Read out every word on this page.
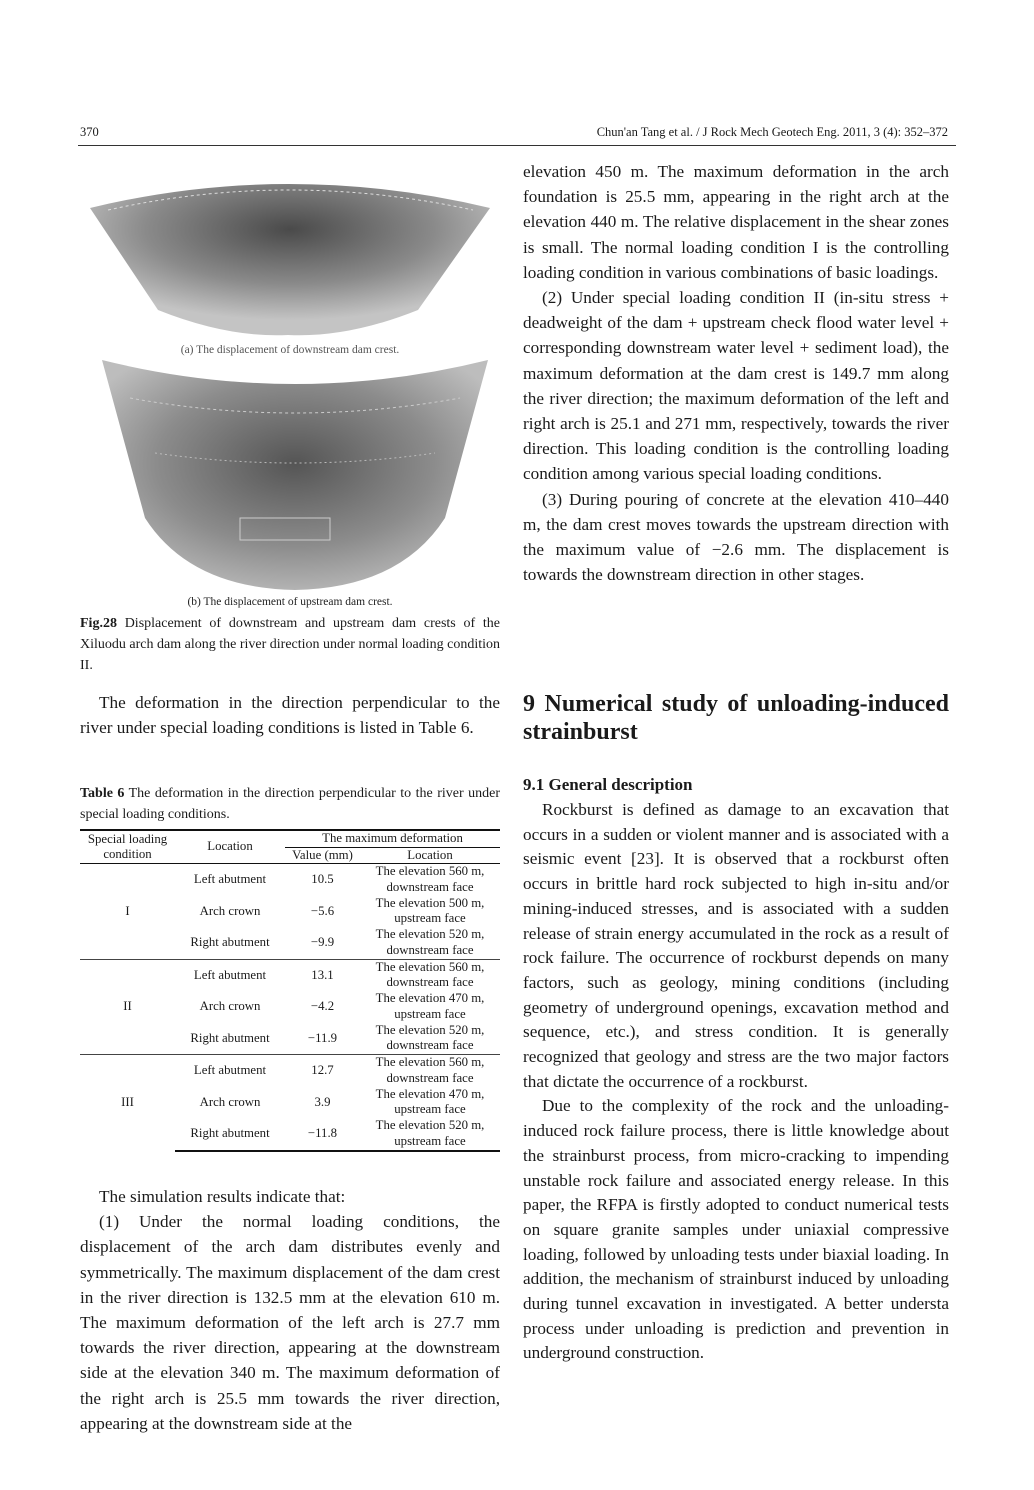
370	Chun'an Tang et al. / J Rock Mech Geotech Eng. 2011, 3 (4): 352–372
(a) The displacement of downstream dam crest.
(b) The displacement of upstream dam crest.
Fig.28 Displacement of downstream and upstream dam crests of the Xiluodu arch dam along the river direction under normal loading condition II.

The deformation in the direction perpendicular to the river under special loading conditions is listed in Table 6.

Table 6 The deformation in the direction perpendicular to the river under special loading conditions.
Special loading condition	Location	The maximum deformation	
		Value (mm)	Location
I	Left abutment	10.5	The elevation 560 m, downstream face
	Arch crown	−5.6	The elevation 500 m, upstream face
	Right abutment	−9.9	The elevation 520 m, downstream face
II	Left abutment	13.1	The elevation 560 m, downstream face
	Arch crown	−4.2	The elevation 470 m, upstream face
	Right abutment	−11.9	The elevation 520 m, downstream face
III	Left abutment	12.7	The elevation 560 m, downstream face
	Arch crown	3.9	The elevation 470 m, upstream face
	Right abutment	−11.8	The elevation 520 m, upstream face

The simulation results indicate that:

(1) Under the normal loading conditions, the displacement of the arch dam distributes evenly and symmetrically. The maximum displacement of the dam crest in the river direction is 132.5 mm at the elevation 610 m. The maximum deformation of the left arch is 27.7 mm towards the river direction, appearing at the downstream side at the elevation 340 m. The maximum deformation of the right arch is 25.5 mm towards the river direction, appearing at the downstream side at the

elevation 450 m. The maximum deformation in the arch foundation is 25.5 mm, appearing in the right arch at the elevation 440 m. The relative displacement in the shear zones is small. The normal loading condition I is the controlling loading condition in various combinations of basic loadings.

(2) Under special loading condition II (in-situ stress + deadweight of the dam + upstream check flood water level + corresponding downstream water level + sediment load), the maximum deformation at the dam crest is 149.7 mm along the river direction; the maximum deformation of the left and right arch is 25.1 and 271 mm, respectively, towards the river direction. This loading condition is the controlling loading condition among various special loading conditions.

(3) During pouring of concrete at the elevation 410–440 m, the dam crest moves towards the upstream direction with the maximum value of −2.6 mm. The displacement is towards the downstream direction in other stages.

9 Numerical study of unloading-induced strainburst
9.1 General description

Rockburst is defined as damage to an excavation that occurs in a sudden or violent manner and is associated with a seismic event [23]. It is observed that a rockburst often occurs in brittle hard rock subjected to high in-situ and/or mining-induced stresses, and is associated with a sudden release of strain energy accumulated in the rock as a result of rock failure. The occurrence of rockburst depends on many factors, such as geology, mining conditions (including geometry of underground openings, excavation method and sequence, etc.), and stress condition. It is generally recognized that geology and stress are the two major factors that dictate the occurrence of a rockburst.

Due to the complexity of the rock and the unloading-induced rock failure process, there is little knowledge about the strainburst process, from micro-cracking to impending unstable rock failure and associated energy release. In this paper, the RFPA is firstly adopted to conduct numerical tests on square granite samples under uniaxial compressive loading, followed by unloading tests under biaxial loading. In addition, the mechanism of strainburst induced by unloading during tunnel excavation in investigated. A better understa process under unloading is prediction and prevention in underground construction.
